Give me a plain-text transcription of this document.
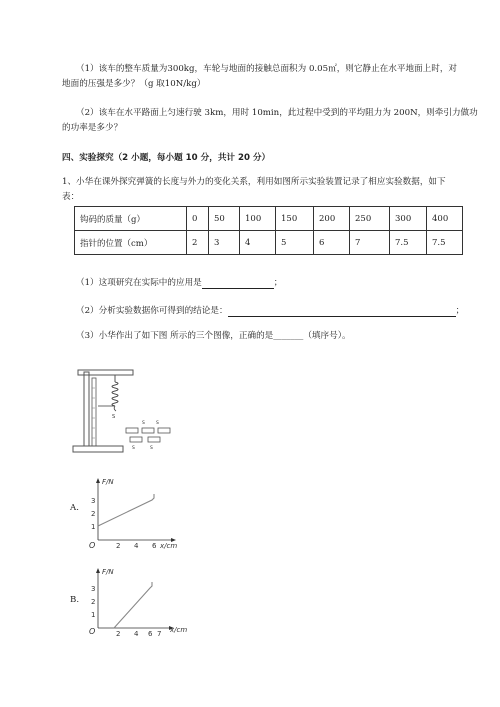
（1）该车的整车质量为300kg，车轮与地面的接触总面积为 0.05㎡，则它静止在水平地面上时，对
地面的压强是多少？（g 取10N/kg）
（2）该车在水平路面上匀速行驶 3km，用时 10min，此过程中受到的平均阻力为 200N，则牵引力做功
的功率是多少？
四、实验探究（2 小题，每小题 10 分，共计 20 分）
1、小华在课外探究弹簧的长度与外力的变化关系，利用如图所示实验装置记录了相应实验数据，如下
表：
钩码的质量（g）	0	50	100	150	200	250	300	400
指针的位置（cm）	2	3	4	5	6	7	7.5	7.5
（1）这项研究在实际中的应用是	；
（2）分析实验数据你可得到的结论是：	；
（3）小华作出了如下图 所示的三个图像，正确的是_______（填序号）。
S
S S
S	S
A.
F/N
x/cm
O
1
2
3
2 4 6
B.
F/N
x/cm
O
1
2
3
2 4 6 7
